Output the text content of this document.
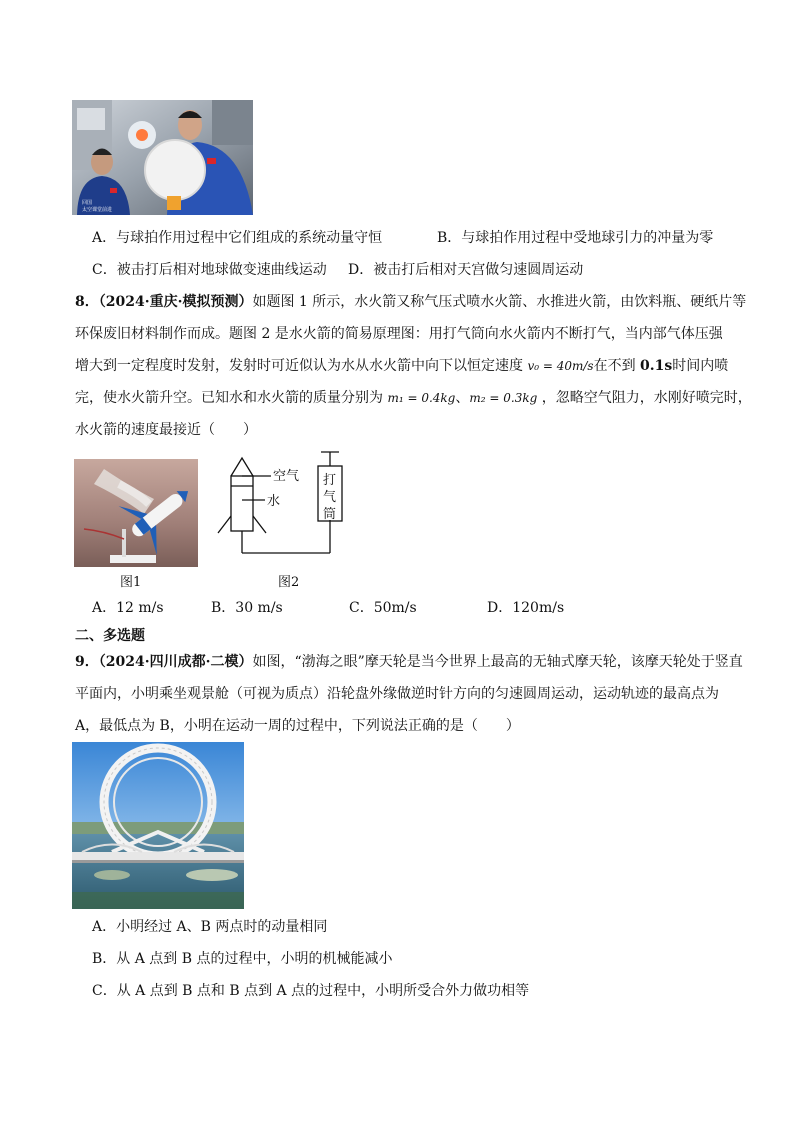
回国
太空课堂前进
A．与球拍作用过程中它们组成的系统动量守恒	B．与球拍作用过程中受地球引力的冲量为零
C．被击打后相对地球做变速曲线运动 D．被击打后相对天宫做匀速圆周运动
8．（2024·重庆·模拟预测）如题图 1 所示，水火箭又称气压式喷水火箭、水推进火箭，由饮料瓶、硬纸片等
环保废旧材料制作而成。题图 2 是水火箭的简易原理图：用打气筒向水火箭内不断打气，当内部气体压强
增大到一定程度时发射，发射时可近似认为水从水火箭中向下以恒定速度 v₀ = 40m/s在不到 0.1s时间内喷
完，使水火箭升空。已知水和水火箭的质量分别为 m₁ = 0.4kg、m₂ = 0.3kg ，忽略空气阻力，水刚好喷完时，
水火箭的速度最接近（　　）
图1
空气
水
打
气
筒
图2
A．12 m/s	B．30 m/s	C．50m/s	D．120m/s
二、多选题
9．（2024·四川成都·二模）如图，“渤海之眼”摩天轮是当今世界上最高的无轴式摩天轮，该摩天轮处于竖直
平面内，小明乘坐观景舱（可视为质点）沿轮盘外缘做逆时针方向的匀速圆周运动，运动轨迹的最高点为
A，最低点为 B，小明在运动一周的过程中，下列说法正确的是（　　）
A．小明经过 A、B 两点时的动量相同
B．从 A 点到 B 点的过程中，小明的机械能减小
C．从 A 点到 B 点和 B 点到 A 点的过程中，小明所受合外力做功相等
